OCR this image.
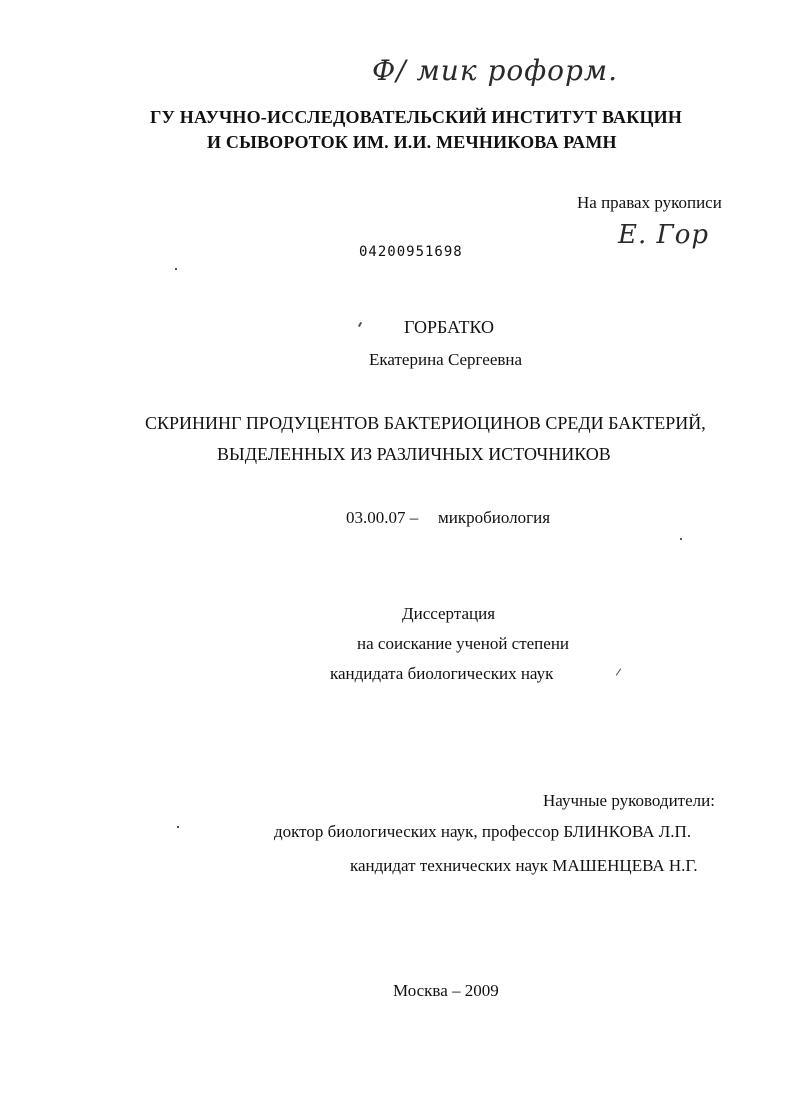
Ф/ мик роформ.
ГУ НАУЧНО-ИССЛЕДОВАТЕЛЬСКИЙ ИНСТИТУТ ВАКЦИН
И СЫВОРОТОК ИМ. И.И. МЕЧНИКОВА РАМН
На правах рукописи
Е. Гор
04200951698
ГОРБАТКО
Екатерина Сергеевна
СКРИНИНГ ПРОДУЦЕНТОВ БАКТЕРИОЦИНОВ СРЕДИ БАКТЕРИЙ,
ВЫДЕЛЕННЫХ ИЗ РАЗЛИЧНЫХ ИСТОЧНИКОВ
03.00.07 – микробиология
Диссертация
на соискание ученой степени
кандидата биологических наук
Научные руководители:
доктор биологических наук, профессор БЛИНКОВА Л.П.
кандидат технических наук МАШЕНЦЕВА Н.Г.
Москва – 2009
